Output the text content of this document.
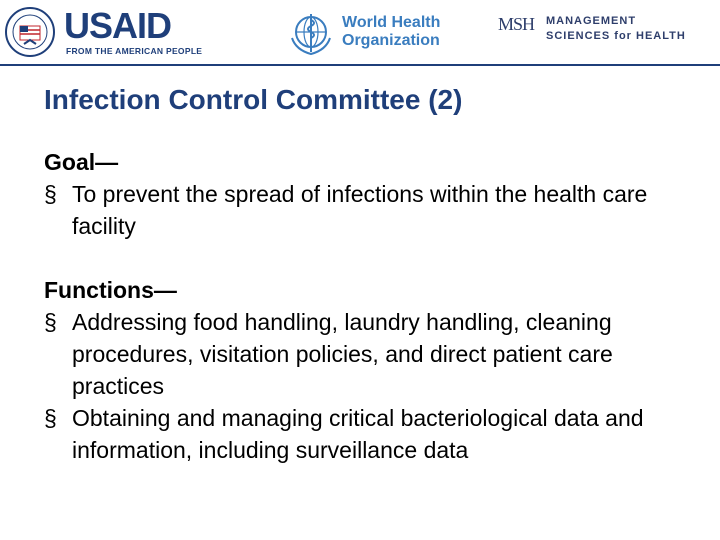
USAID
FROM THE AMERICAN PEOPLE
World Health
Organization
MSH MANAGEMENT
SCIENCES for HEALTH
Infection Control Committee (2)
Goal—
§ To prevent the spread of infections within the health care facility
Functions—
§ Addressing food handling, laundry handling, cleaning procedures, visitation policies, and direct patient care practices
§ Obtaining and managing critical bacteriological data and information, including surveillance data
